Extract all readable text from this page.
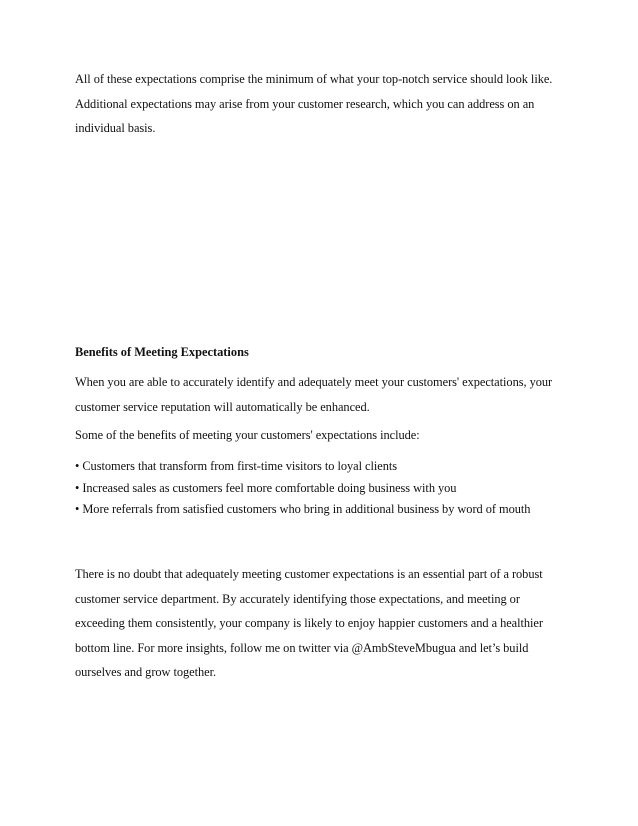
All of these expectations comprise the minimum of what your top-notch service should look like.
Additional expectations may arise from your customer research, which you can address on an
individual basis.
Benefits of Meeting Expectations
When you are able to accurately identify and adequately meet your customers' expectations, your
customer service reputation will automatically be enhanced.
Some of the benefits of meeting your customers' expectations include:
• Customers that transform from first-time visitors to loyal clients
• Increased sales as customers feel more comfortable doing business with you
• More referrals from satisfied customers who bring in additional business by word of mouth
There is no doubt that adequately meeting customer expectations is an essential part of a robust
customer service department. By accurately identifying those expectations, and meeting or
exceeding them consistently, your company is likely to enjoy happier customers and a healthier
bottom line. For more insights, follow me on twitter via @AmbSteveMbugua and let’s build
ourselves and grow together.
